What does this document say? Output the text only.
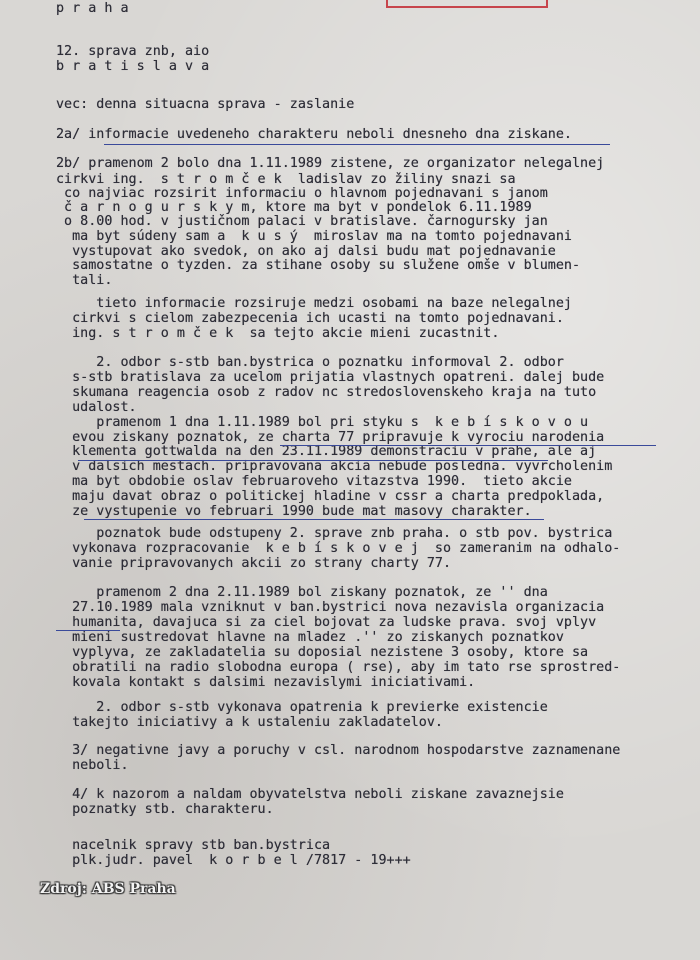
p r a h a
12. sprava znb, aio
b r a t i s l a v a
vec: denna situacna sprava - zaslanie
2a/ informacie uvedeneho charakteru neboli dnesneho dna ziskane.
2b/ pramenom 2 bolo dna 1.11.1989 zistene, ze organizator nelegalnej
cirkvi ing.  s t r o m č e k  ladislav zo žiliny snazi sa
co najviac rozsirit informaciu o hlavnom pojednavani s janom
č a r n o g u r s k y m, ktore ma byt v pondelok 6.11.1989
o 8.00 hod. v justičnom palaci v bratislave. čarnogursky jan
ma byt súdeny sam a  k u s ý  miroslav ma na tomto pojednavani
vystupovat ako svedok, on ako aj dalsi budu mat pojednavanie
samostatne o tyzden. za stihane osoby su služene omše v blumen-
tali.
tieto informacie rozsiruje medzi osobami na baze nelegalnej
cirkvi s cielom zabezpecenia ich ucasti na tomto pojednavani.
ing. s t r o m č e k  sa tejto akcie mieni zucastnit.
2. odbor s-stb ban.bystrica o poznatku informoval 2. odbor
s-stb bratislava za ucelom prijatia vlastnych opatreni. dalej bude
skumana reagencia osob z radov nc stredoslovenskeho kraja na tuto
udalost.
pramenom 1 dna 1.11.1989 bol pri styku s  k e b í s k o v o u
evou ziskany poznatok, ze charta 77 pripravuje k vyrociu narodenia
klementa gottwalda na den 23.11.1989 demonstraciu v prahe, ale aj
v dalsich mestach. pripravovana akcia nebude posledna. vyvrcholenim
ma byt obdobie oslav februaroveho vitazstva 1990.  tieto akcie
maju davat obraz o politickej hladine v cssr a charta predpoklada,
ze vystupenie vo februari 1990 bude mat masovy charakter.
poznatok bude odstupeny 2. sprave znb praha. o stb pov. bystrica
vykonava rozpracovanie  k e b í s k o v e j  so zameranim na odhalo-
vanie pripravovanych akcii zo strany charty 77.
pramenom 2 dna 2.11.1989 bol ziskany poznatok, ze '' dna
27.10.1989 mala vzniknut v ban.bystrici nova nezavisla organizacia
humanita, davajuca si za ciel bojovat za ludske prava. svoj vplyv
mieni sustredovat hlavne na mladez .'' zo ziskanych poznatkov
vyplyva, ze zakladatelia su doposial nezistene 3 osoby, ktore sa
obratili na radio slobodna europa ( rse), aby im tato rse sprostred-
kovala kontakt s dalsimi nezavislymi iniciativami.
2. odbor s-stb vykonava opatrenia k previerke existencie
takejto iniciativy a k ustaleniu zakladatelov.
3/ negativne javy a poruchy v csl. narodnom hospodarstve zaznamenane
neboli.
4/ k nazorom a naldam obyvatelstva neboli ziskane zavaznejsie
poznatky stb. charakteru.
nacelnik spravy stb ban.bystrica
plk.judr. pavel  k o r b e l /7817 - 19+++
Zdroj: ABS Praha
